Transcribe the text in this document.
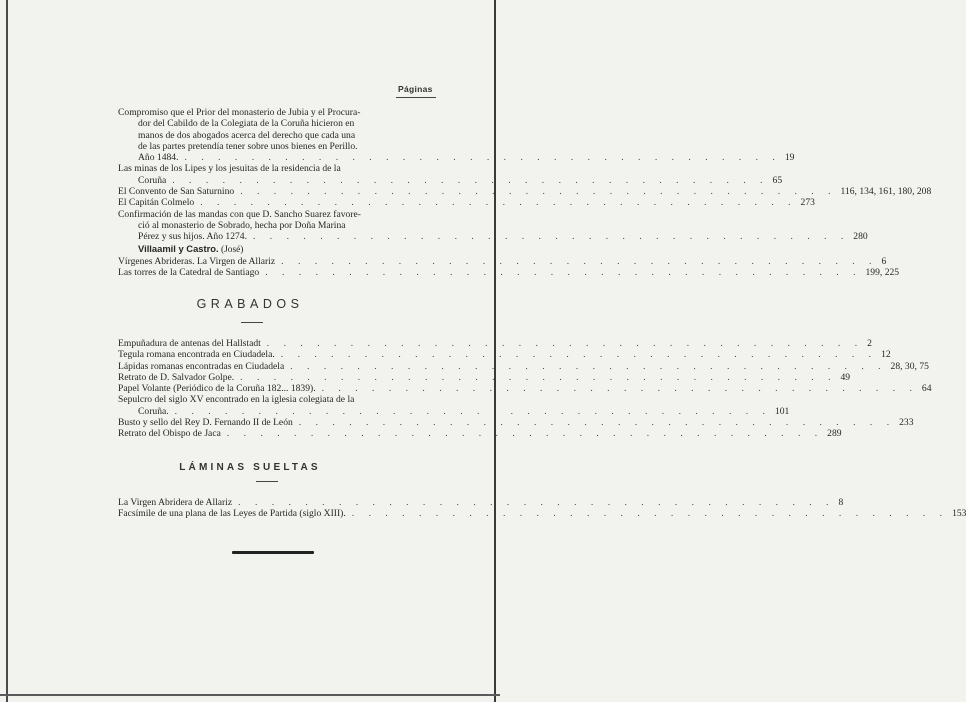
Páginas
Compromiso que el Prior del monasterio de Jubia y el Procura-
dor del Cabildo de la Colegiata de la Coruña hicieron en
manos de dos abogados acerca del derecho que cada una
de las partes pretendía tener sobre unos bienes en Perillo.
Año 1484. . . . . . . . . . . . . . . . . . . . . . . . . . . . . . . . . . . . . 19
Las minas de los Lipes y los jesuitas de la residencia de la
Coruña . . . . . . . . . . . . . . . . . . . . . . . . . . . . . . . . . . . . 65
El Convento de San Saturnino . . . . . . . . . . . . . . . . . . . . . . . . . . . . . . . . . . . . 116, 134, 161, 180, 208
El Capitán Colmelo . . . . . . . . . . . . . . . . . . . . . . . . . . . . . . . . . . . . 273
Confirmación de las mandas con que D. Sancho Suarez favore-
ció al monasterio de Sobrado, hecha por Doña Marina
Pérez y sus hijos. Año 1274. . . . . . . . . . . . . . . . . . . . . . . . . . . . . . . . . . . . . 280
Villaamil y Castro. (José)
Vírgenes Abrideras. La Virgen de Allariz . . . . . . . . . . . . . . . . . . . . . . . . . . . . . . . . . . . . 6
Las torres de la Catedral de Santiago . . . . . . . . . . . . . . . . . . . . . . . . . . . . . . . . . . . . 199, 225
GRABADOS
Empuñadura de antenas del Hallstadt . . . . . . . . . . . . . . . . . . . . . . . . . . . . . . . . . . . . 2
Tegula romana encontrada en Ciudadela. . . . . . . . . . . . . . . . . . . . . . . . . . . . . . . . . . . . . 12
Lápidas romanas encontradas en Ciudadela . . . . . . . . . . . . . . . . . . . . . . . . . . . . . . . . . . . . 28, 30, 75
Retrato de D. Salvador Golpe. . . . . . . . . . . . . . . . . . . . . . . . . . . . . . . . . . . . . 49
Papel Volante (Periódico de la Coruña 182... 1839). . . . . . . . . . . . . . . . . . . . . . . . . . . . . . . . . . . . . 64
Sepulcro del siglo XV encontrado en la iglesia colegiata de la
Coruña. . . . . . . . . . . . . . . . . . . . . . . . . . . . . . . . . . . . . 101
Busto y sello del Rey D. Fernando II de León . . . . . . . . . . . . . . . . . . . . . . . . . . . . . . . . . . . . 233
Retrato del Obispo de Jaca . . . . . . . . . . . . . . . . . . . . . . . . . . . . . . . . . . . . 289
LÁMINAS SUELTAS
La Virgen Abridera de Allariz . . . . . . . . . . . . . . . . . . . . . . . . . . . . . . . . . . . . 8
Facsímile de una plana de las Leyes de Partida (siglo XIII). . . . . . . . . . . . . . . . . . . . . . . . . . . . . . . . . . . . . 153
